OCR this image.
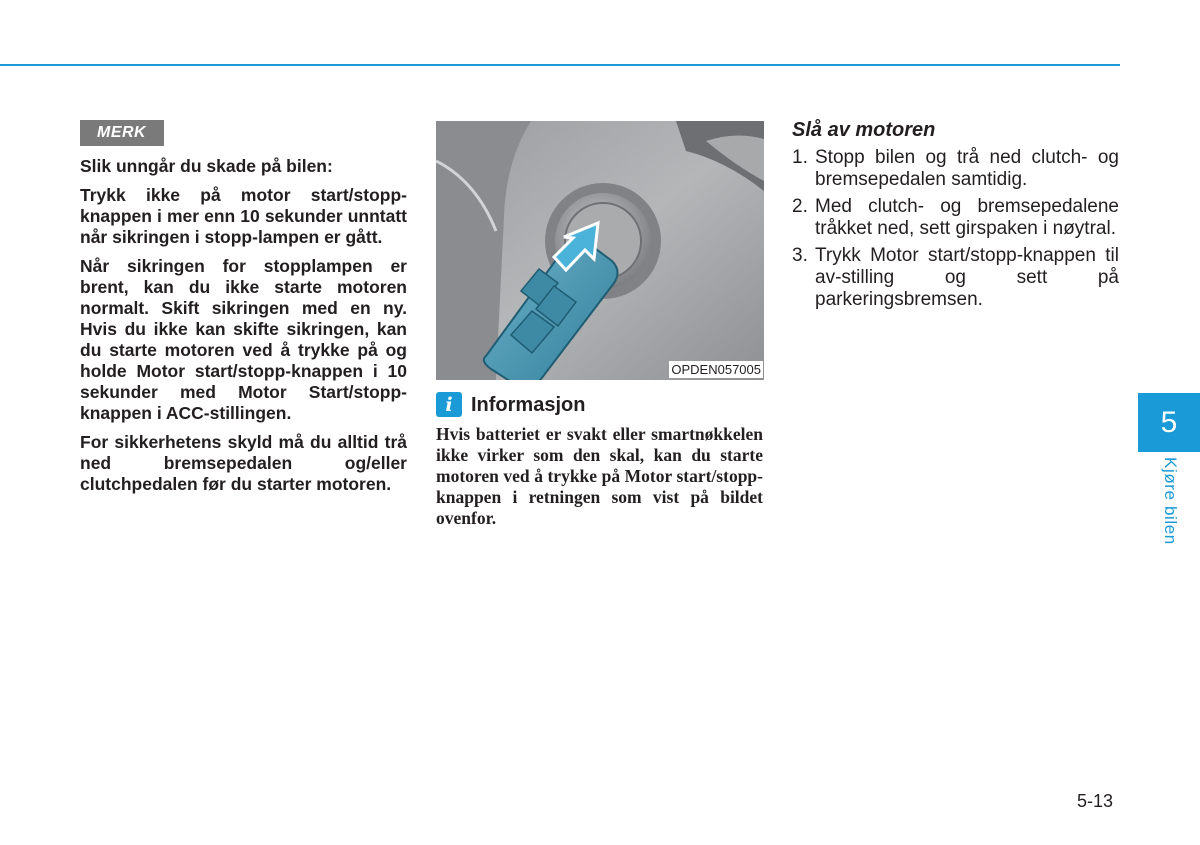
MERK

Slik unngår du skade på bilen:

Trykk ikke på motor start/stopp-knappen i mer enn 10 sekunder unntatt når sikringen i stopp-lampen er gått.

Når sikringen for stopplampen er brent, kan du ikke starte motoren normalt. Skift sikringen med en ny. Hvis du ikke kan skifte sikringen, kan du starte motoren ved å trykke på og holde Motor start/stopp-knappen i 10 sekunder med Motor Start/stopp-knappen i ACC-stillingen.

For sikkerhetens skyld må du alltid trå ned bremsepedalen og/eller clutchpedalen før du starter motoren.

OPDEN057005
i Informasjon

Hvis batteriet er svakt eller smartnøkkelen ikke virker som den skal, kan du starte motoren ved å trykke på Motor start/stopp-knappen i retningen som vist på bildet ovenfor.

Slå av motoren
1. Stopp bilen og trå ned clutch- og bremsepedalen samtidig.
2. Med clutch- og bremsepedalene tråkket ned, sett girspaken i nøytral.
3. Trykk Motor start/stopp-knappen til av-stilling og sett på parkeringsbremsen.
5
Kjøre bilen
5-13
